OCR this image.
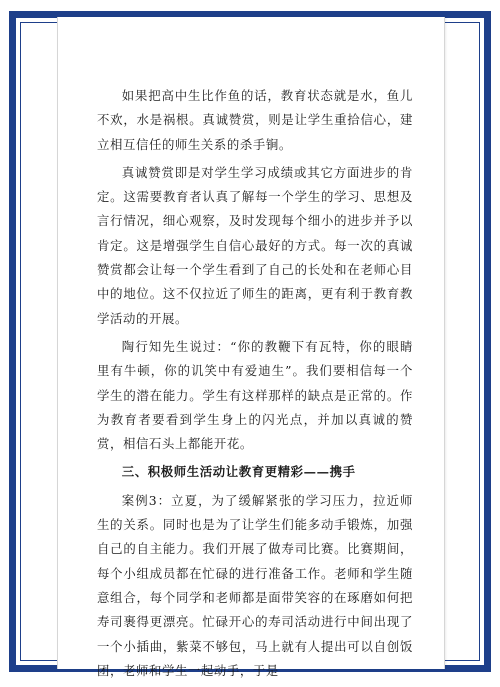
如果把高中生比作鱼的话，教育状态就是水，鱼儿不欢，水是祸根。真诚赞赏，则是让学生重拾信心，建立相互信任的师生关系的杀手锏。

真诚赞赏即是对学生学习成绩或其它方面进步的肯定。这需要教育者认真了解每一个学生的学习、思想及言行情况，细心观察，及时发现每个细小的进步并予以肯定。这是增强学生自信心最好的方式。每一次的真诚赞赏都会让每一个学生看到了自己的长处和在老师心目中的地位。这不仅拉近了师生的距离，更有利于教育教学活动的开展。

陶行知先生说过：“你的教鞭下有瓦特，你的眼睛里有牛顿，你的讥笑中有爱迪生”。我们要相信每一个学生的潜在能力。学生有这样那样的缺点是正常的。作为教育者要看到学生身上的闪光点，并加以真诚的赞赏，相信石头上都能开花。

三、积极师生活动让教育更精彩——携手

案例3：立夏，为了缓解紧张的学习压力，拉近师生的关系。同时也是为了让学生们能多动手锻炼，加强自己的自主能力。我们开展了做寿司比赛。比赛期间，每个小组成员都在忙碌的进行准备工作。老师和学生随意组合，每个同学和老师都是面带笑容的在琢磨如何把寿司裹得更漂亮。忙碌开心的寿司活动进行中间出现了一个小插曲，紫菜不够包，马上就有人提出可以自创饭团，老师和学生一起动手，于是
